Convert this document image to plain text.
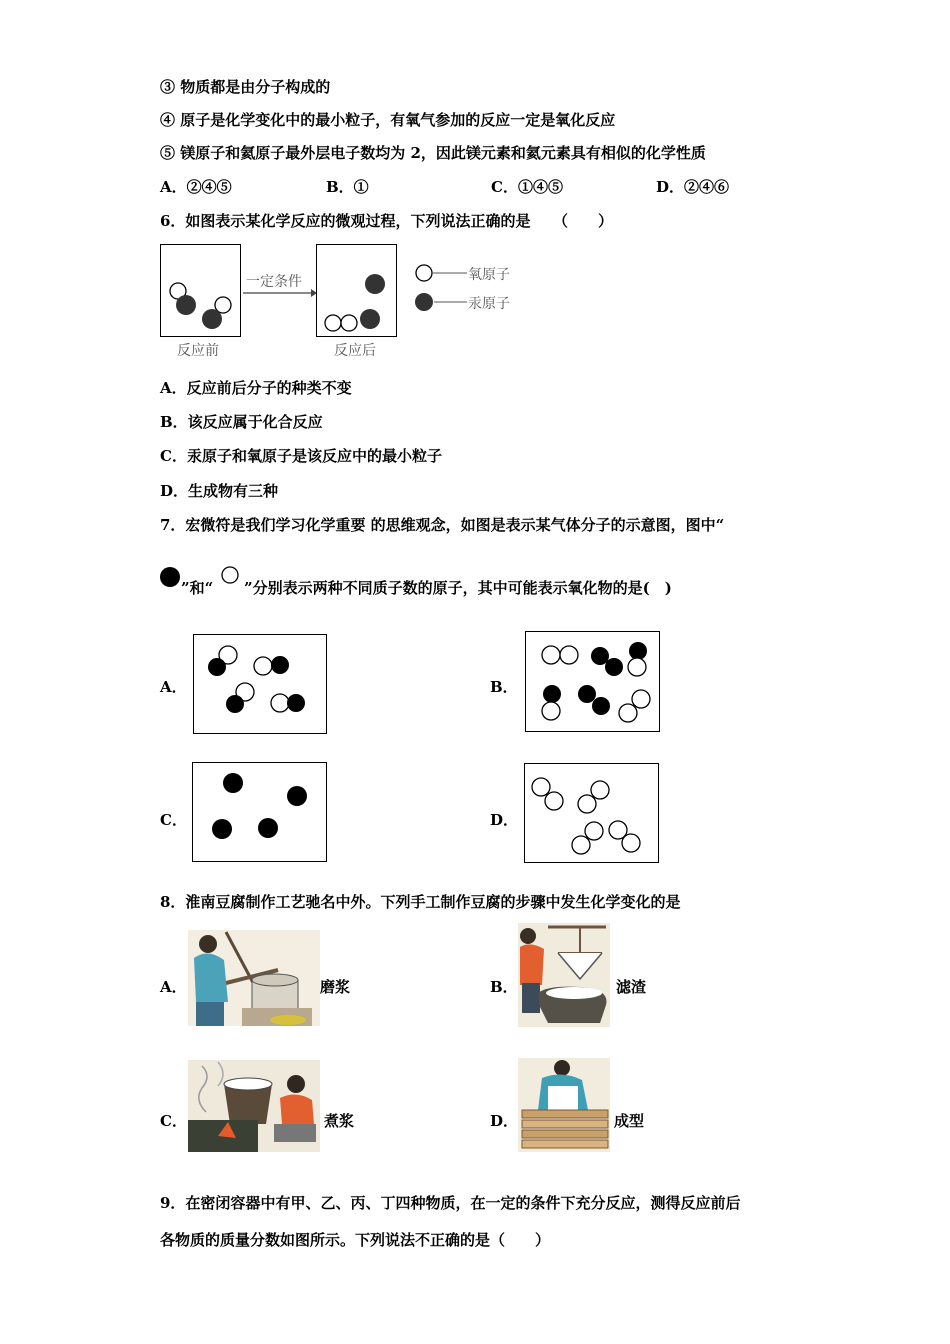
③ 物质都是由分子构成的
④ 原子是化学变化中的最小粒子，有氧气参加的反应一定是氧化反应
⑤ 镁原子和氦原子最外层电子数均为 2，因此镁元素和氦元素具有相似的化学性质
A．②④⑤	B．①	C．①④⑤	D．②④⑥
6．如图表示某化学反应的微观过程，下列说法正确的是　　（　　）
一定条件
反应前	反应后
氧原子
汞原子
A．反应前后分子的种类不变
B．该反应属于化合反应
C．汞原子和氧原子是该反应中的最小粒子
D．生成物有三种
7．宏微符是我们学习化学重要 的思维观念，如图是表示某气体分子的示意图，图中“
”和“ ”分别表示两种不同质子数的原子，其中可能表示氧化物的是(　)
A．	B．
C．	D．
8．淮南豆腐制作工艺驰名中外。下列手工制作豆腐的步骤中发生化学变化的是
A．	磨浆	B．	滤渣
C．	煮浆	D．	成型
9．在密闭容器中有甲、乙、丙、丁四种物质，在一定的条件下充分反应，测得反应前后
各物质的质量分数如图所示。下列说法不正确的是（　　）
